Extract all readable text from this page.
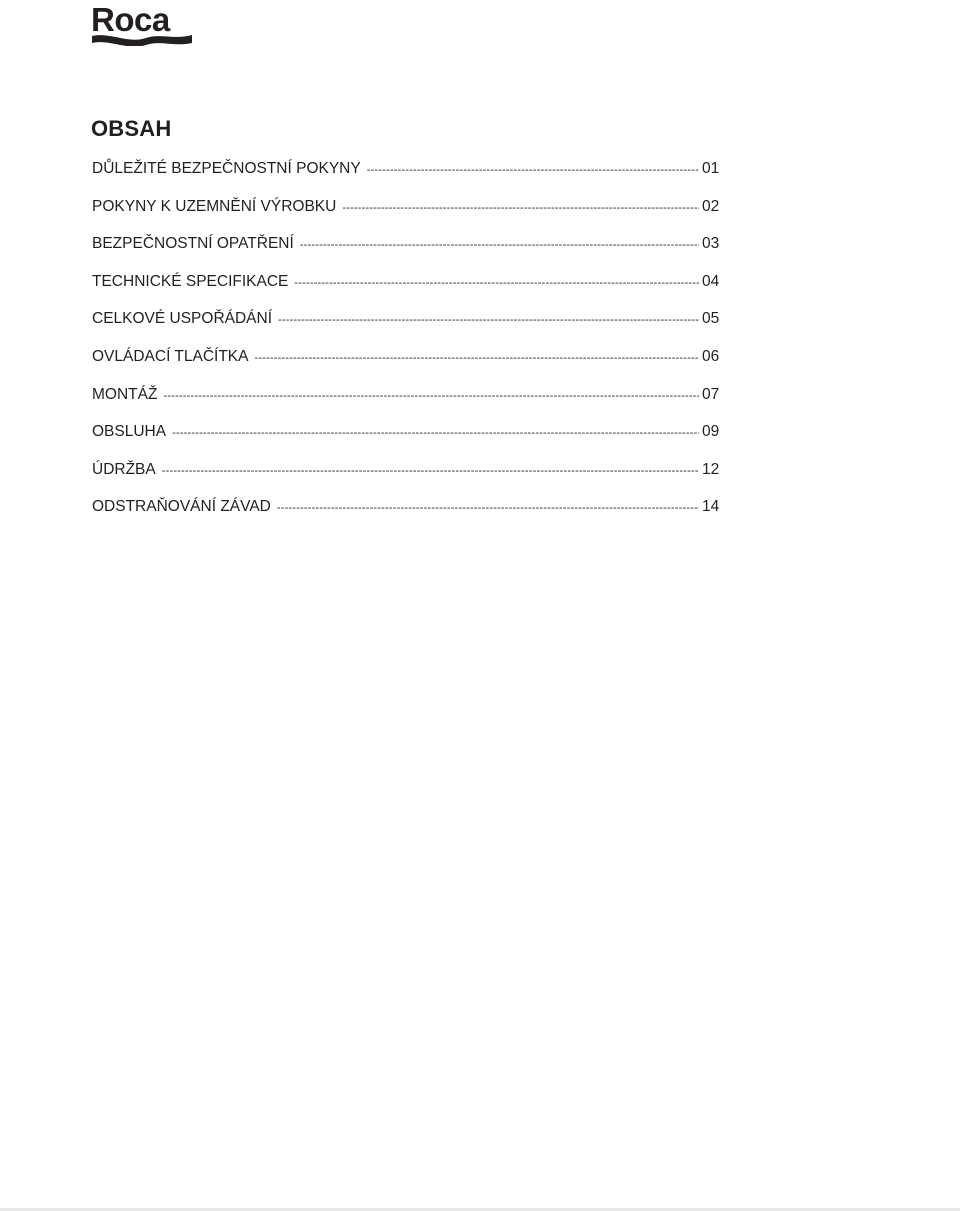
Roca
OBSAH
DŮLEŽITÉ BEZPEČNOSTNÍ POKYNY -----	01
POKYNY K UZEMNĚNÍ VÝROBKU -----	02
BEZPEČNOSTNÍ OPATŘENÍ -----	03
TECHNICKÉ SPECIFIKACE -----	04
CELKOVÉ USPOŘÁDÁNÍ -----	05
OVLÁDACÍ TLAČÍTKA -----	06
MONTÁŽ -----	07
OBSLUHA -----	09
ÚDRŽBA -----	12
ODSTRAŇOVÁNÍ ZÁVAD -----	14
